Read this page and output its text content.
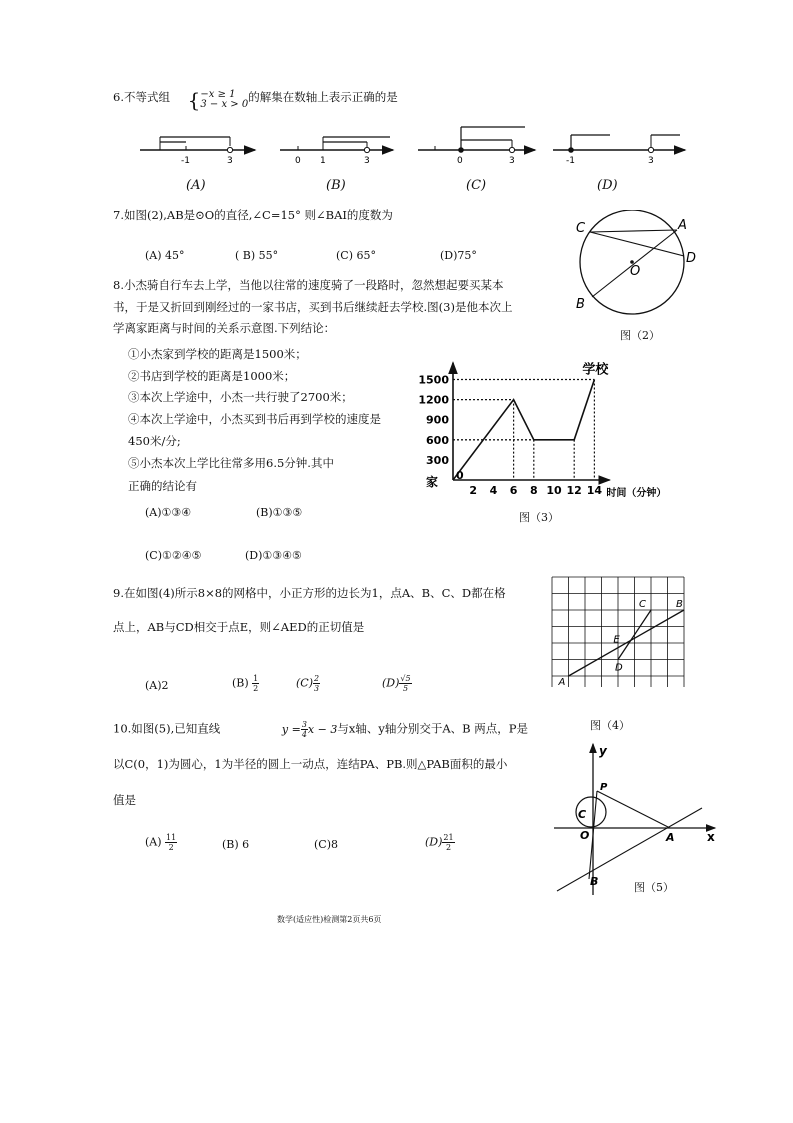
6.不等式组 {−x ≥ 1
3 − x > 0的解集在数轴上表示正确的是
-1	3	0 1	3	0	3	-1	3
(A)	(B)	(C)	(D)
7.如图(2),AB是⊙O的直径,∠C=15° 则∠BAI的度数为
(A) 45°	( B) 55°	(C) 65°	(D)75°
C	A
O
D
B
图（2）
8.小杰骑自行车去上学，当他以往常的速度骑了一段路时，忽然想起要买某本
书，于是又折回到刚经过的一家书店，买到书后继续赶去学校.图(3)是他本次上
学离家距离与时间的关系示意图.下列结论：
①小杰家到学校的距离是1500米；
②书店到学校的距离是1000米；
③本次上学途中，小杰一共行驶了2700米；
④本次上学途中，小杰买到书后再到学校的速度是
450米/分;
⑤小杰本次上学比往常多用6.5分钟.其中
正确的结论有
(A)①③④	(B)①③⑤
(C)①②④⑤	(D)①③④⑤
300
600
900
1200
1500
2 4 6 8 10 12 14
0
家
学校
时间（分钟）
图（3）
9.在如图(4)所示8×8的网格中，小正方形的边长为1，点A、B、C、D都在格
点上，AB与CD相交于点E，则∠AED的正切值是
(A)2	$(B) \frac{1}{2}$	$(C) \frac{2}{3}$	$(D) \frac{√5}{5}$	A
B
C
D
E
图（4）
10.如图(5),已知直线	$y = \frac{3}{4}$ x − 3与x轴、y轴分别交于A、B 两点，P是
以C(0，1)为圆心，1为半径的圆上一动点，连结PA、PB.则△PAB面积的最小
值是
$(A) \frac{11}{2}$	(B) 6	(C)8	$(D) \frac{21}{2}$
y
x
P
C
O	A
B	图（5）
数学(适应性)检测第2页共6页
